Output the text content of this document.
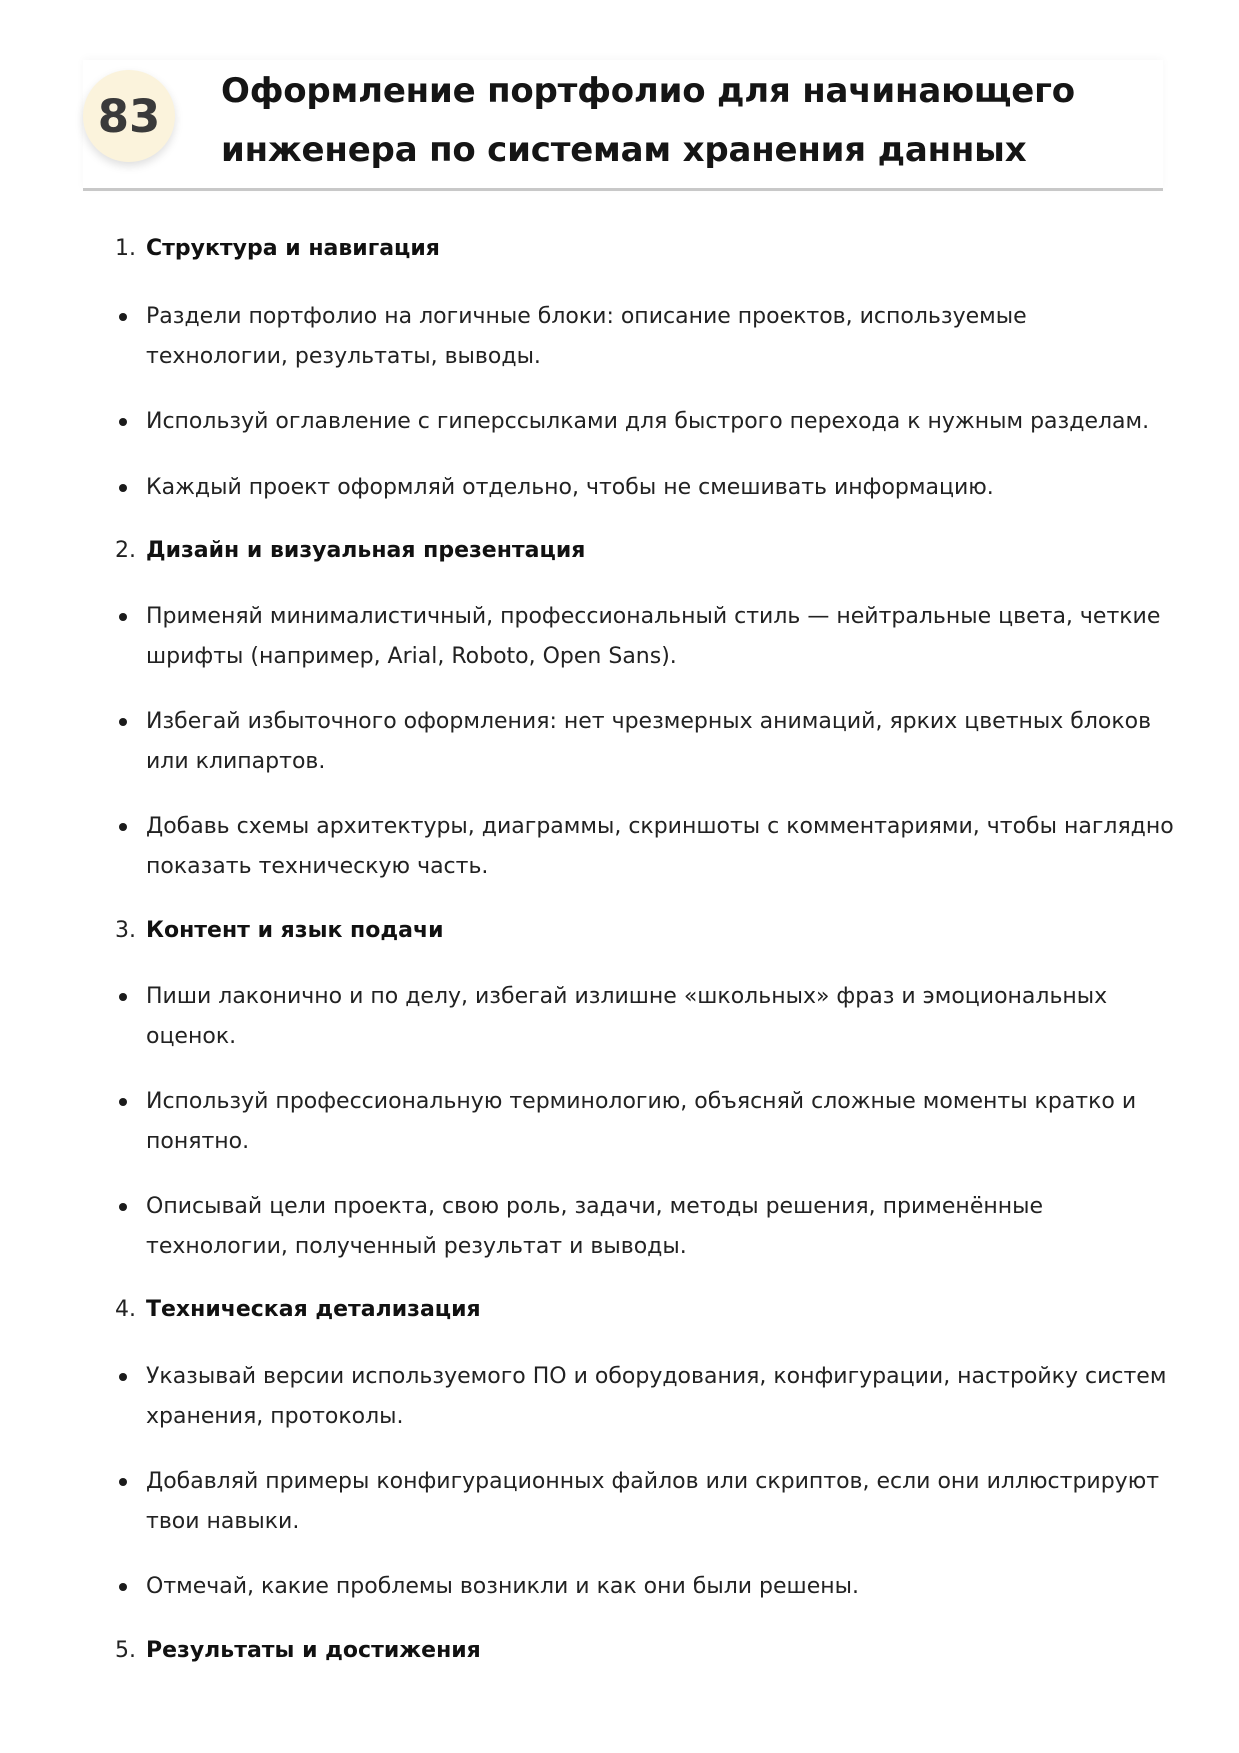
83	Оформление портфолио для начинающего
инженера по системам хранения данных
1. Структура и навигация
Раздели портфолио на логичные блоки: описание проектов, используемые
технологии, результаты, выводы.
Используй оглавление с гиперссылками для быстрого перехода к нужным разделам.
Каждый проект оформляй отдельно, чтобы не смешивать информацию.
2. Дизайн и визуальная презентация
Применяй минималистичный, профессиональный стиль — нейтральные цвета, четкие
шрифты (например, Arial, Roboto, Open Sans).
Избегай избыточного оформления: нет чрезмерных анимаций, ярких цветных блоков
или клипартов.
Добавь схемы архитектуры, диаграммы, скриншоты с комментариями, чтобы наглядно
показать техническую часть.
3. Контент и язык подачи
Пиши лаконично и по делу, избегай излишне «школьных» фраз и эмоциональных
оценок.
Используй профессиональную терминологию, объясняй сложные моменты кратко и
понятно.
Описывай цели проекта, свою роль, задачи, методы решения, применённые
технологии, полученный результат и выводы.
4. Техническая детализация
Указывай версии используемого ПО и оборудования, конфигурации, настройку систем
хранения, протоколы.
Добавляй примеры конфигурационных файлов или скриптов, если они иллюстрируют
твои навыки.
Отмечай, какие проблемы возникли и как они были решены.
5. Результаты и достижения
